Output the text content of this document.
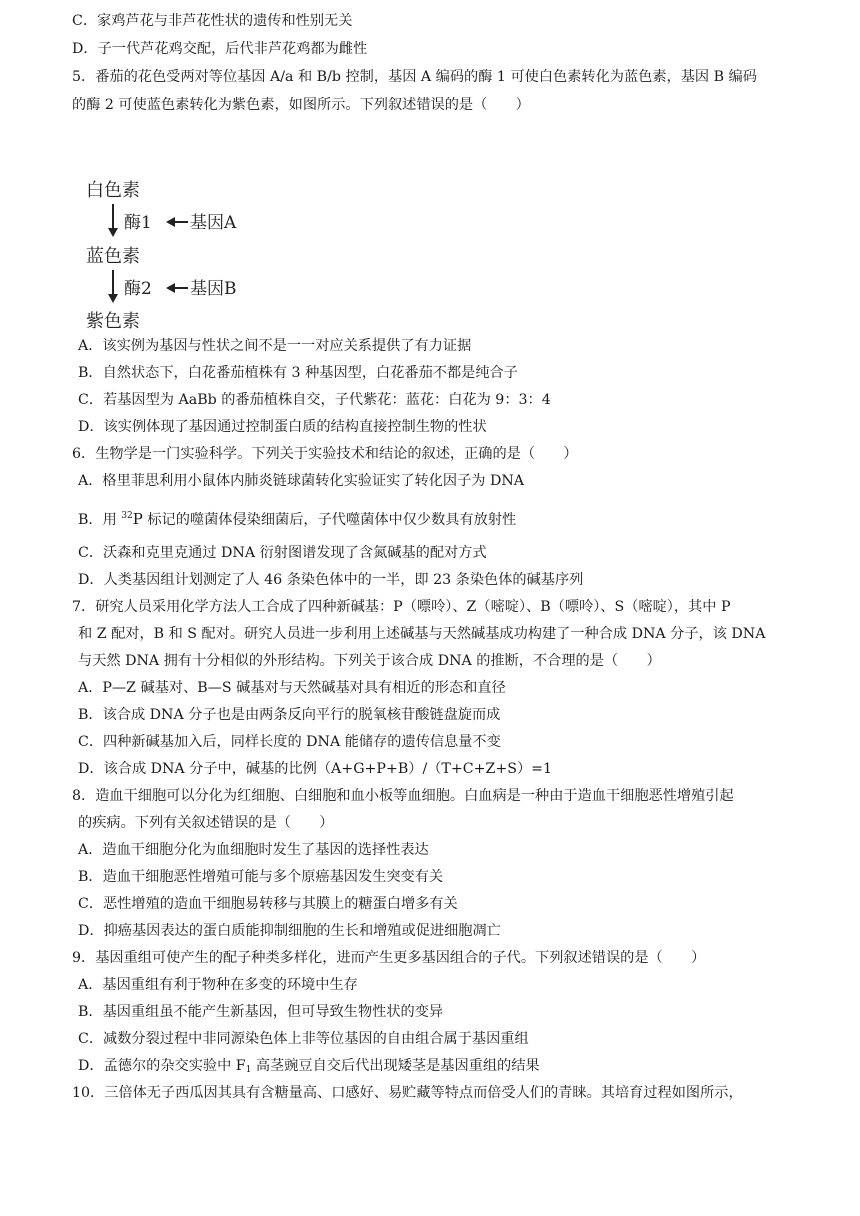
C．家鸡芦花与非芦花性状的遗传和性别无关
D．子一代芦花鸡交配，后代非芦花鸡都为雌性
5．番茄的花色受两对等位基因 A/a 和 B/b 控制，基因 A 编码的酶 1 可使白色素转化为蓝色素，基因 B 编码
的酶 2 可使蓝色素转化为紫色素，如图所示。下列叙述错误的是（　　）
白色素
酶1 基因A
蓝色素
酶2 基因B
紫色素
A．该实例为基因与性状之间不是一一对应关系提供了有力证据
B．自然状态下，白花番茄植株有 3 种基因型，白花番茄不都是纯合子
C．若基因型为 AaBb 的番茄植株自交，子代紫花：蓝花：白花为 9：3：4
D．该实例体现了基因通过控制蛋白质的结构直接控制生物的性状
6．生物学是一门实验科学。下列关于实验技术和结论的叙述，正确的是（　　）
A．格里菲思利用小鼠体内肺炎链球菌转化实验证实了转化因子为 DNA
B．用 $^{32}$P 标记的噬菌体侵染细菌后，子代噬菌体中仅少数具有放射性
C．沃森和克里克通过 DNA 衍射图谱发现了含氮碱基的配对方式
D．人类基因组计划测定了人 46 条染色体中的一半，即 23 条染色体的碱基序列
7．研究人员采用化学方法人工合成了四种新碱基：P（嘌呤）、Z（嘧啶）、B（嘌呤）、S（嘧啶），其中 P
和 Z 配对，B 和 S 配对。研究人员进一步利用上述碱基与天然碱基成功构建了一种合成 DNA 分子，该 DNA
与天然 DNA 拥有十分相似的外形结构。下列关于该合成 DNA 的推断，不合理的是（　　）
A．P—Z 碱基对、B—S 碱基对与天然碱基对具有相近的形态和直径
B．该合成 DNA 分子也是由两条反向平行的脱氧核苷酸链盘旋而成
C．四种新碱基加入后，同样长度的 DNA 能储存的遗传信息量不变
D．该合成 DNA 分子中，碱基的比例（A+G+P+B）/（T+C+Z+S）=1
8．造血干细胞可以分化为红细胞、白细胞和血小板等血细胞。白血病是一种由于造血干细胞恶性增殖引起
的疾病。下列有关叙述错误的是（　　）
A．造血干细胞分化为血细胞时发生了基因的选择性表达
B．造血干细胞恶性增殖可能与多个原癌基因发生突变有关
C．恶性增殖的造血干细胞易转移与其膜上的糖蛋白增多有关
D．抑癌基因表达的蛋白质能抑制细胞的生长和增殖或促进细胞凋亡
9．基因重组可使产生的配子种类多样化，进而产生更多基因组合的子代。下列叙述错误的是（　　）
A．基因重组有利于物种在多变的环境中生存
B．基因重组虽不能产生新基因，但可导致生物性状的变异
C．减数分裂过程中非同源染色体上非等位基因的自由组合属于基因重组
D．孟德尔的杂交实验中 $F_1$ 高茎豌豆自交后代出现矮茎是基因重组的结果
10．三倍体无子西瓜因其具有含糖量高、口感好、易贮藏等特点而倍受人们的青睐。其培育过程如图所示，
